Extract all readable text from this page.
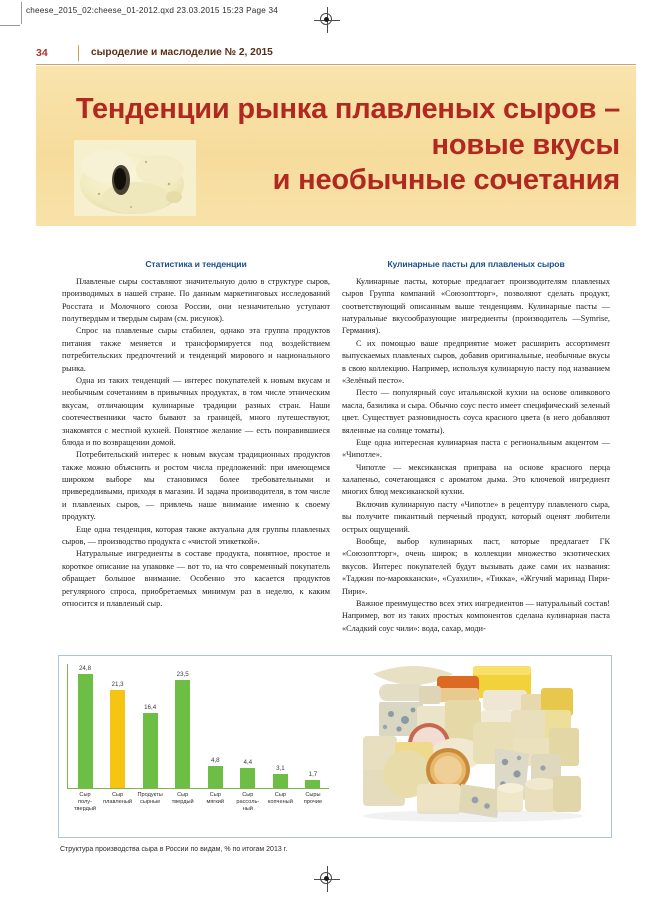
cheese_2015_02:cheese_01-2012.qxd 23.03.2015 15:23 Page 34
34	сыроделие и маслоделие № 2, 2015
Тенденции рынка плавленых сыров –
новые вкусы
и необычные сочетания
Статистика и тенденции

Плавленые сыры составляют значительную долю в структуре сыров, производимых в нашей стране. По данным маркетинговых исследований Росстата и Молочного союза России, они незначительно уступают полутвердым и твердым сырам (см. рисунок).

Спрос на плавленые сыры стабилен, однако эта группа продуктов питания также меняется и трансформируется под воздействием потребительских предпочтений и тенденций мирового и национального рынка.

Одна из таких тенденций — интерес покупателей к новым вкусам и необычным сочетаниям в привычных продуктах, в том числе этническим вкусам, отличающим кулинарные традиции разных стран. Наши соотечественники часто бывают за границей, много путешествуют, знакомятся с местной кухней. Понятное желание — есть понравившиеся блюда и по возвращении домой.

Потребительский интерес к новым вкусам традиционных продуктов также можно объяснить и ростом числа предложений: при имеющемся широком выборе мы становимся более требовательными и привередливыми, приходя в магазин. И задача производителя, в том числе и плавленых сыров, — привлечь наше внимание именно к своему продукту.

Еще одна тенденция, которая также актуальна для группы плавленых сыров, — производство продукта с «чистой этикеткой».

Натуральные ингредиенты в составе продукта, понятное, простое и короткое описание на упаковке — вот то, на что современный покупатель обращает большое внимание. Особенно это касается продуктов регулярного спроса, приобретаемых минимум раз в неделю, к каким относится и плавленый сыр.

Кулинарные пасты для плавленых сыров

Кулинарные пасты, которые предлагает производителям плавленых сыров Группа компаний «Союзоптторг», позволяют сделать продукт, соответствующий описанным выше тенденциям. Кулинарные пасты — натуральные вкусообразующие ингредиенты (производитель —Symrise, Германия).

С их помощью ваше предприятие может расширить ассортимент выпускаемых плавленых сыров, добавив оригинальные, необычные вкусы в свою коллекцию. Например, используя кулинарную пасту под названием «Зелёный песто».

Песто — популярный соус итальянской кухни на основе оливкового масла, базилика и сыра. Обычно соус песто имеет специфический зеленый цвет. Существует разновидность соуса красного цвета (в него добавляют вяленные на солнце томаты).

Еще одна интересная кулинарная паста с региональным акцентом — «Чипотле».

Чипотле — мексиканская приправа на основе красного перца халапеньо, сочетающаяся с ароматом дыма. Это ключевой ингредиент многих блюд мексиканской кухни.

Включив кулинарную пасту «Чипотле» в рецептуру плавленого сыра, вы получите пикантный перченый продукт, который оценят любители острых ощущений.

Вообще, выбор кулинарных паст, которые предлагает ГК «Союзоптторг», очень широк; в коллекции множество экзотических вкусов. Интерес покупателей будут вызывать даже сами их названия: «Таджин по-мароккански», «Суахили», «Тикка», «Жгучий маринад Пири-Пири».

Важное преимущество всех этих ингредиентов — натуральный состав! Например, вот из таких простых компонентов сделана кулинарная паста «Сладкий соус чили»: вода, сахар, моди-

24,8
21,3
16,4
23,5
4,8	4,4
3,1
1,7
Сыр
полу-
твердый
Сыр
плавленый
Продукты
сырные
Сыр
твердый
Сыр
мягкий
Сыр
рассоль-
ный
Сыр
копченый
Сыры
прочие
Структура производства сыра в России по видам, % по итогам 2013 г.
